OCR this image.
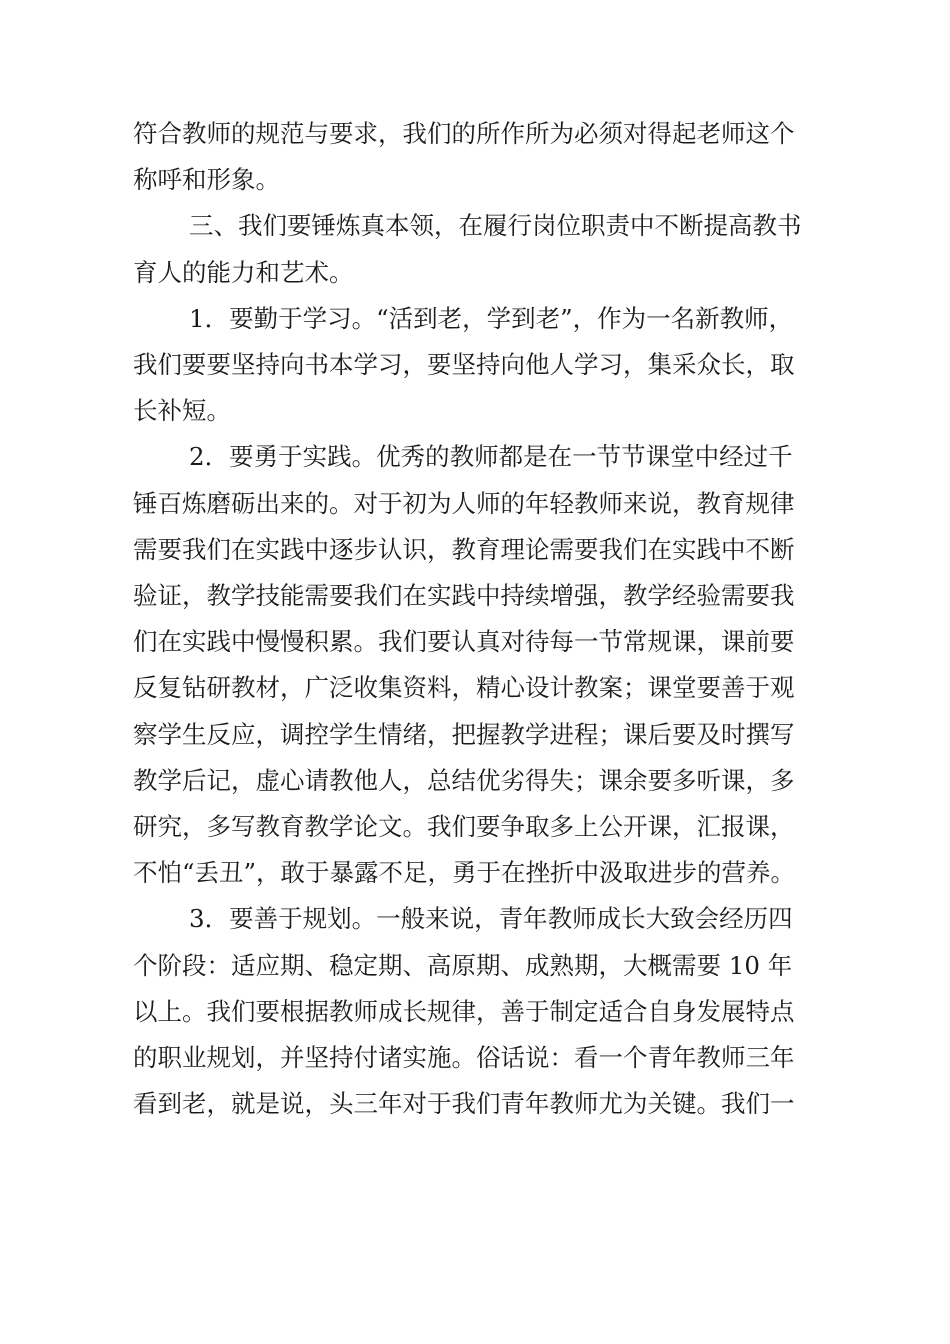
符合教师的规范与要求，我们的所作所为必须对得起老师这个
称呼和形象。

三、我们要锤炼真本领，在履行岗位职责中不断提高教书
育人的能力和艺术。

1．要勤于学习。“活到老，学到老”，作为一名新教师，
我们要要坚持向书本学习，要坚持向他人学习，集采众长，取
长补短。

2．要勇于实践。优秀的教师都是在一节节课堂中经过千
锤百炼磨砺出来的。对于初为人师的年轻教师来说，教育规律
需要我们在实践中逐步认识，教育理论需要我们在实践中不断
验证，教学技能需要我们在实践中持续增强，教学经验需要我
们在实践中慢慢积累。我们要认真对待每一节常规课，课前要
反复钻研教材，广泛收集资料，精心设计教案；课堂要善于观
察学生反应，调控学生情绪，把握教学进程；课后要及时撰写
教学后记，虚心请教他人，总结优劣得失；课余要多听课，多
研究，多写教育教学论文。我们要争取多上公开课，汇报课，
不怕“丢丑”，敢于暴露不足，勇于在挫折中汲取进步的营养。

3．要善于规划。一般来说，青年教师成长大致会经历四
个阶段：适应期、稳定期、高原期、成熟期，大概需要 10 年
以上。我们要根据教师成长规律，善于制定适合自身发展特点
的职业规划，并坚持付诸实施。俗话说：看一个青年教师三年
看到老，就是说，头三年对于我们青年教师尤为关键。我们一
